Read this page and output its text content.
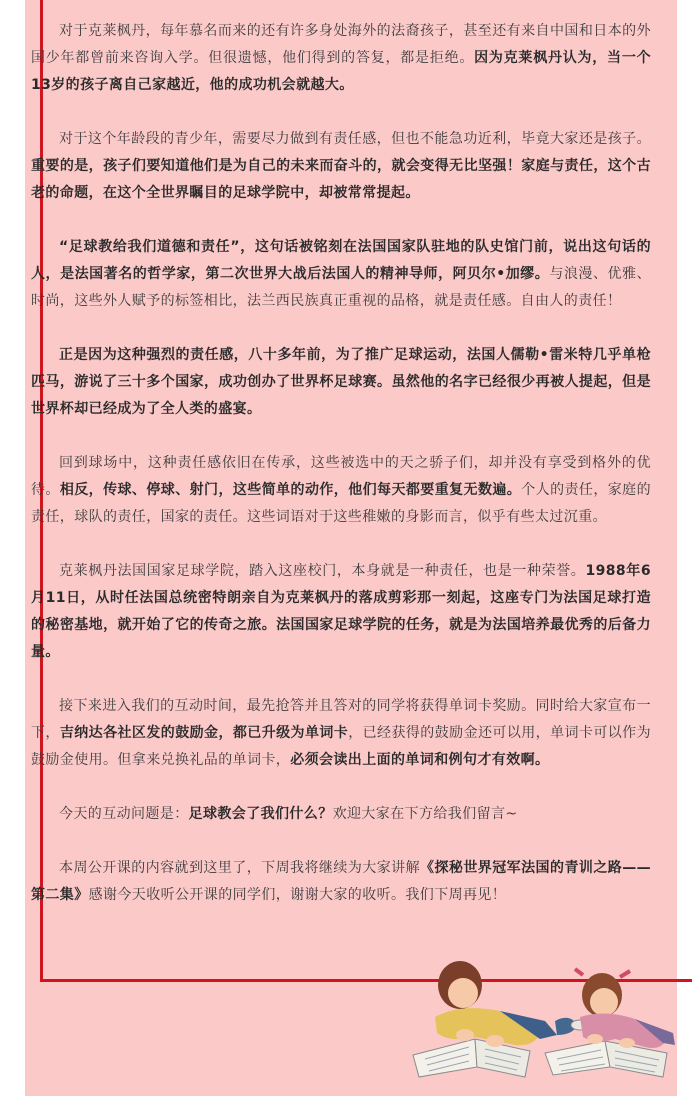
对于克莱枫丹，每年慕名而来的还有许多身处海外的法裔孩子，甚至还有来自中国和日本的外国少年都曾前来咨询入学。但很遗憾，他们得到的答复，都是拒绝。因为克莱枫丹认为，当一个13岁的孩子离自己家越近，他的成功机会就越大。

对于这个年龄段的青少年，需要尽力做到有责任感，但也不能急功近利，毕竟大家还是孩子。重要的是，孩子们要知道他们是为自己的未来而奋斗的，就会变得无比坚强！家庭与责任，这个古老的命题，在这个全世界瞩目的足球学院中，却被常常提起。

“足球教给我们道德和责任”，这句话被铭刻在法国国家队驻地的队史馆门前，说出这句话的人，是法国著名的哲学家，第二次世界大战后法国人的精神导师，阿贝尔•加缪。与浪漫、优雅、时尚，这些外人赋予的标签相比，法兰西民族真正重视的品格，就是责任感。自由人的责任！

正是因为这种强烈的责任感，八十多年前，为了推广足球运动，法国人儒勒•雷米特几乎单枪匹马，游说了三十多个国家，成功创办了世界杯足球赛。虽然他的名字已经很少再被人提起，但是世界杯却已经成为了全人类的盛宴。

回到球场中，这种责任感依旧在传承，这些被选中的天之骄子们，却并没有享受到格外的优待。相反，传球、停球、射门，这些简单的动作，他们每天都要重复无数遍。个人的责任，家庭的责任，球队的责任，国家的责任。这些词语对于这些稚嫩的身影而言，似乎有些太过沉重。

克莱枫丹法国国家足球学院，踏入这座校门，本身就是一种责任，也是一种荣誉。1988年6月11日，从时任法国总统密特朗亲自为克莱枫丹的落成剪彩那一刻起，这座专门为法国足球打造的秘密基地，就开始了它的传奇之旅。法国国家足球学院的任务，就是为法国培养最优秀的后备力量。

接下来进入我们的互动时间，最先抢答并且答对的同学将获得单词卡奖励。同时给大家宣布一下，吉纳达各社区发的鼓励金，都已升级为单词卡，已经获得的鼓励金还可以用，单词卡可以作为鼓励金使用。但拿来兑换礼品的单词卡，必须会读出上面的单词和例句才有效啊。

今天的互动问题是：足球教会了我们什么？欢迎大家在下方给我们留言~

本周公开课的内容就到这里了，下周我将继续为大家讲解《探秘世界冠军法国的青训之路——第二集》感谢今天收听公开课的同学们，谢谢大家的收听。我们下周再见！
